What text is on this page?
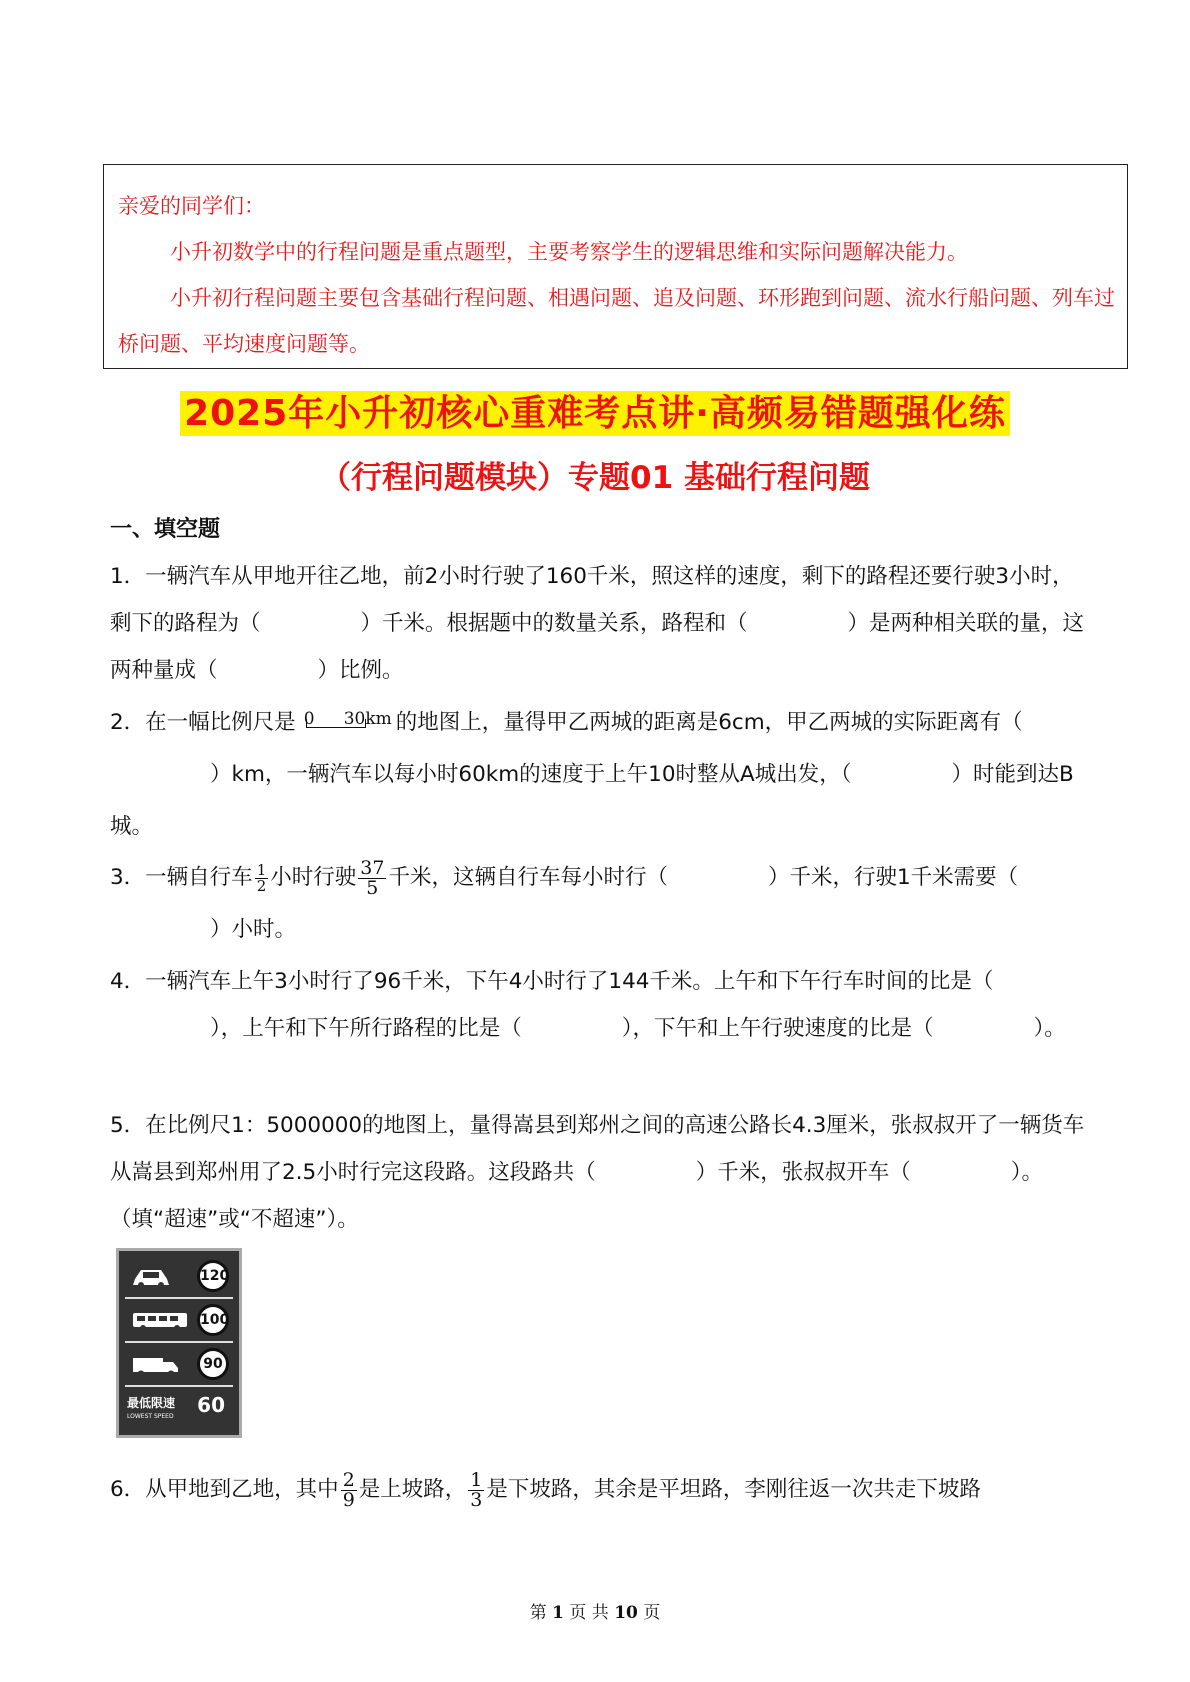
亲爱的同学们：

小升初数学中的行程问题是重点题型，主要考察学生的逻辑思维和实际问题解决能力。

小升初行程问题主要包含基础行程问题、相遇问题、追及问题、环形跑到问题、流水行船问题、列车过桥问题、平均速度问题等。

2025年小升初核心重难考点讲·高频易错题强化练
（行程问题模块）专题01 基础行程问题
一、填空题
1．一辆汽车从甲地开往乙地，前2小时行驶了160千米，照这样的速度，剩下的路程还要行驶3小时，剩下的路程为（	）千米。根据题中的数量关系，路程和（	）是两种相关联的量，这两种量成（	）比例。
2．在一幅比例尺是 0 30km 的地图上，量得甲乙两城的距离是6cm，甲乙两城的实际距离有（）km，一辆汽车以每小时60km的速度于上午10时整从A城出发，（	）时能到达B城。
3．一辆自行车 $\frac{1}{2}$ 小时行驶 $\frac{37}{5}$ 千米，这辆自行车每小时行（	）千米，行驶1千米需要（）小时。
4．一辆汽车上午3小时行了96千米，下午4小时行了144千米。上午和下午行车时间的比是（），上午和下午所行路程的比是（	），下午和上午行驶速度的比是（	）。
5．在比例尺1：5000000的地图上，量得嵩县到郑州之间的高速公路长4.3厘米，张叔叔开了一辆货车从嵩县到郑州用了2.5小时行完这段路。这段路共（	）千米，张叔叔开车（	）。（填“超速”或“不超速”）。
120
100
90
最低限速
LOWEST SPEED 60
6．从甲地到乙地，其中 $\frac{2}{9}$ 是上坡路， $\frac{1}{3}$ 是下坡路，其余是平坦路，李刚往返一次共走下坡路
第 1 页 共 10 页
